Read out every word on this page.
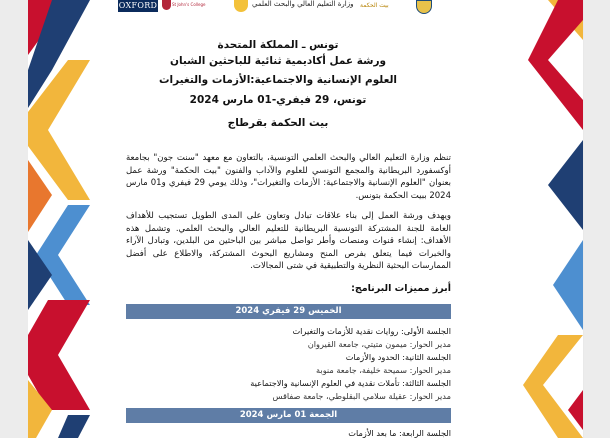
OXFORD	St John's College	ﻭﺯﺍﺭﺓ ﺍﻟﺘﻌﻠﻴﻢ ﺍﻟﻌﺎﻟﻲ ﻭﺍﻟﺒﺤﺚ ﺍﻟﻌﻠﻤﻲ ﺑﻴﺖ ﺍﻟﺤﻜﻤﺔ
تونس ـ المملكة المتحدة
ورشة عمل أكاديمية ثنائية للباحثين الشبان
العلوم الإنسانية والاجتماعية:الأزمات والتغيرات
تونس، 29 فيفري-01 مارس 2024
بيت الحكمة بقرطاج
تنظم وزارة التعليم العالي والبحث العلمي التونسية، بالتعاون مع معهد "سنت جون" بجامعة أوكسفورد البريطانية والمجمع التونسي للعلوم والآداب والفنون "بيت الحكمة" ورشة عمل بعنوان "العلوم الإنسانية والاجتماعية: الأزمات والتغيرات"، وذلك يومي 29 فيفري و01 مارس 2024 ببيت الحكمة بتونس.
ويهدف ورشة العمل إلى بناء علاقات تبادل وتعاون على المدى الطويل تستجيب للأهداف العامة للجنة المشتركة التونسية البريطانية للتعليم العالي والبحث العلمي. وتشمل هذه الأهداف: إنشاء قنوات ومنصات وأطر تواصل مباشر بين الباحثين من البلدين، وتبادل الآراء والخبرات فيما يتعلق بفرص المنح ومشاريع البحوث المشتركة، والاطلاع على أفضل الممارسات البحثية النظرية والتطبيقية في شتى المجالات.
أبرز مميزات البرنامج:
الخميس 29 فيفري 2024
الجلسة الأولى: روايات نقدية للأزمات والتغيرات
مدير الحوار: ميمون متيتي، جامعة القيروان
الجلسة الثانية: الحدود والأزمات
مدير الحوار: سميحة خليفة، جامعة منوبة
الجلسة الثالثة: تأملات نقدية في العلوم الإنسانية والاجتماعية
مدير الحوار: عقيلة سلامي البقلوطي، جامعة صفاقس
الجمعة 01 مارس 2024
الجلسة الرابعة: ما بعد الأزمات
